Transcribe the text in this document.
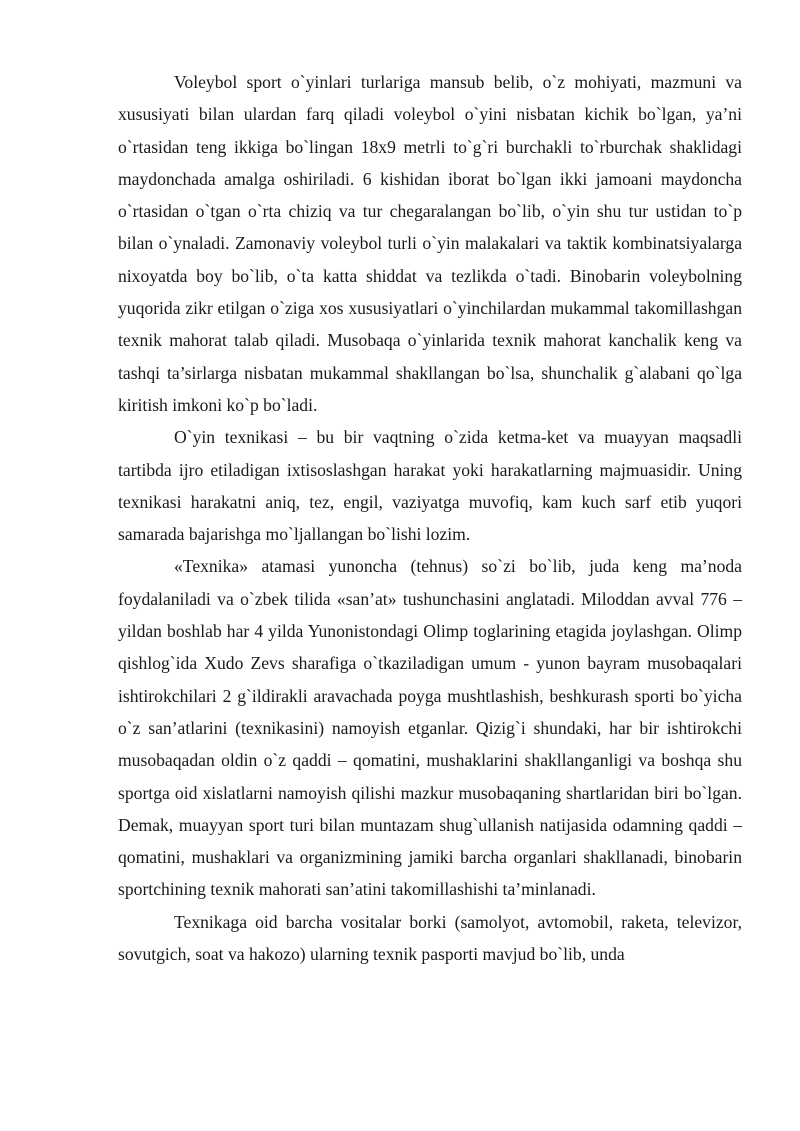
Voleybol sport o`yinlari turlariga mansub belib, o`z mohiyati, mazmuni va xususiyati bilan ulardan farq qiladi voleybol o`yini nisbatan kichik bo`lgan, ya’ni o`rtasidan teng ikkiga bo`lingan 18x9 metrli to`g`ri burchakli to`rburchak shaklidagi maydonchada amalga oshiriladi. 6 kishidan iborat bo`lgan ikki jamoani maydoncha o`rtasidan o`tgan o`rta chiziq va tur chegaralangan bo`lib, o`yin shu tur ustidan to`p bilan o`ynaladi. Zamonaviy voleybol turli o`yin malakalari va taktik kombinatsiyalarga nixoyatda boy bo`lib, o`ta katta shiddat va tezlikda o`tadi. Binobarin voleybolning yuqorida zikr etilgan o`ziga xos xususiyatlari o`yinchilardan mukammal takomillashgan texnik mahorat talab qiladi. Musobaqa o`yinlarida texnik mahorat kanchalik keng va tashqi ta’sirlarga nisbatan mukammal shakllangan bo`lsa, shunchalik g`alabani qo`lga kiritish imkoni ko`p bo`ladi.

O`yin texnikasi – bu bir vaqtning o`zida ketma-ket va muayyan maqsadli tartibda ijro etiladigan ixtisoslashgan harakat yoki harakatlarning majmuasidir. Uning texnikasi harakatni aniq, tez, engil, vaziyatga muvofiq, kam kuch sarf etib yuqori samarada bajarishga mo`ljallangan bo`lishi lozim.

«Texnika» atamasi yunoncha (tehnus) so`zi bo`lib, juda keng ma’noda foydalaniladi va o`zbek tilida «san’at» tushunchasini anglatadi. Miloddan avval 776 – yildan boshlab har 4 yilda Yunonistondagi Olimp toglarining etagida joylashgan. Olimp qishlog`ida Xudo Zevs sharafiga o`tkaziladigan umum - yunon bayram musobaqalari ishtirokchilari 2 g`ildirakli aravachada poyga mushtlashish, beshkurash sporti bo`yicha o`z san’atlarini (texnikasini) namoyish etganlar. Qizig`i shundaki, har bir ishtirokchi musobaqadan oldin o`z qaddi – qomatini, mushaklarini shakllanganligi va boshqa shu sportga oid xislatlarni namoyish qilishi mazkur musobaqaning shartlaridan biri bo`lgan. Demak, muayyan sport turi bilan muntazam shug`ullanish natijasida odamning qaddi – qomatini, mushaklari va organizmining jamiki barcha organlari shakllanadi, binobarin sportchining texnik mahorati san’atini takomillashishi ta’minlanadi.

Texnikaga oid barcha vositalar borki (samolyot, avtomobil, raketa, televizor, sovutgich, soat va hakozo) ularning texnik pasporti mavjud bo`lib, unda
